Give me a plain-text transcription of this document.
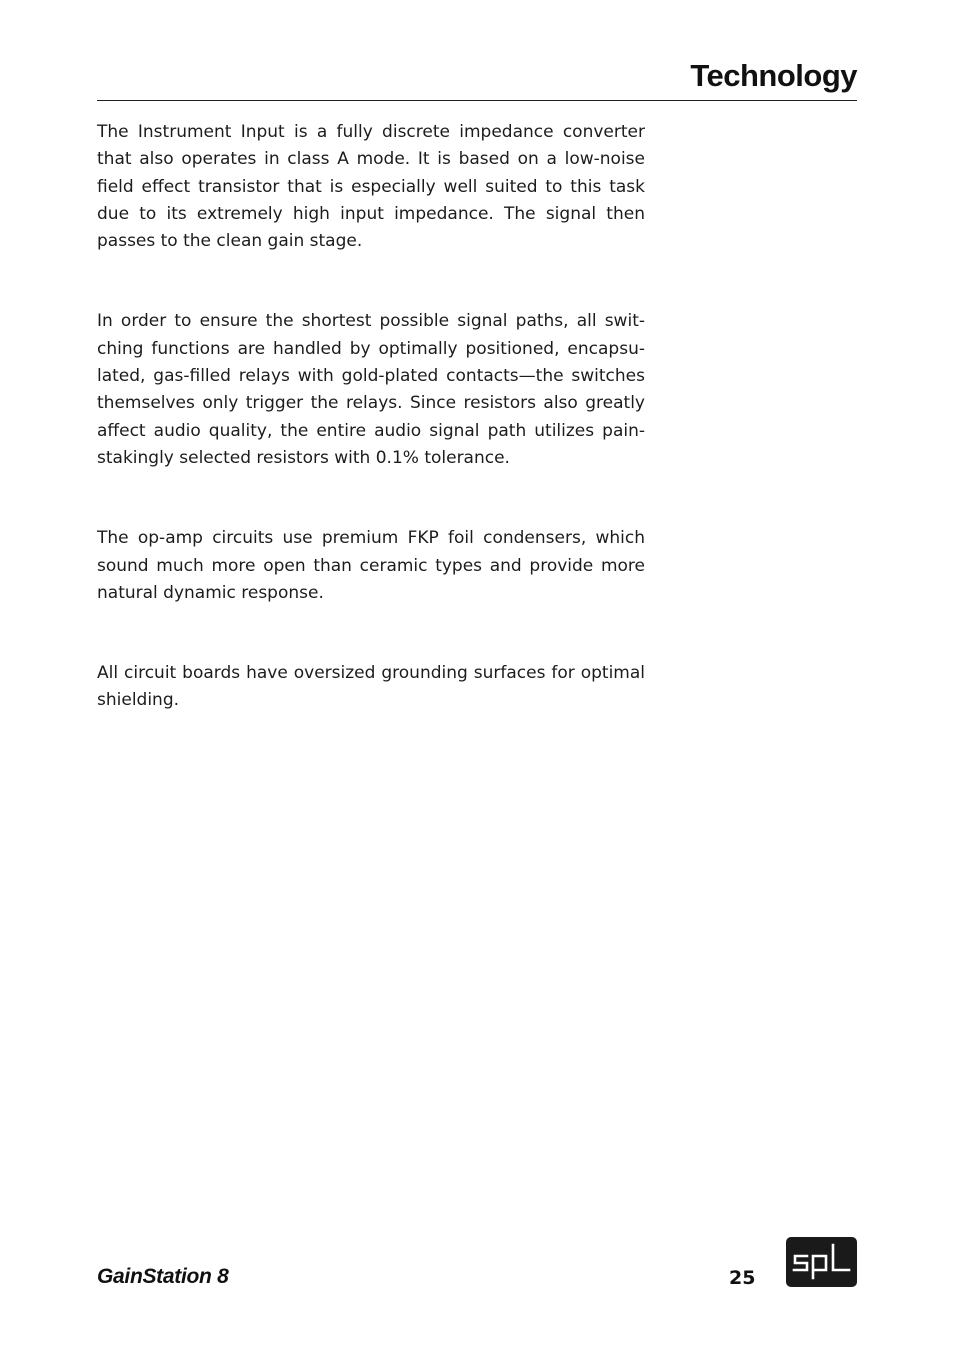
Technology

The Instrument Input is a fully discrete impedance converter that also operates in class A mode. It is based on a low-noise field effect transistor that is especially well suited to this task due to its extremely high input impedance. The signal then passes to the clean gain stage.

In order to ensure the shortest possible signal paths, all switching functions are handled by optimally positioned, encapsulated, gas-filled relays with gold-plated contacts—the switches themselves only trigger the relays. Since resistors also greatly affect audio quality, the entire audio signal path utilizes painstakingly selected resistors with 0.1% tolerance.

The op-amp circuits use premium FKP foil condensers, which sound much more open than ceramic types and provide more natural dynamic response.

All circuit boards have oversized grounding surfaces for optimal shielding.

GainStation 8	25
